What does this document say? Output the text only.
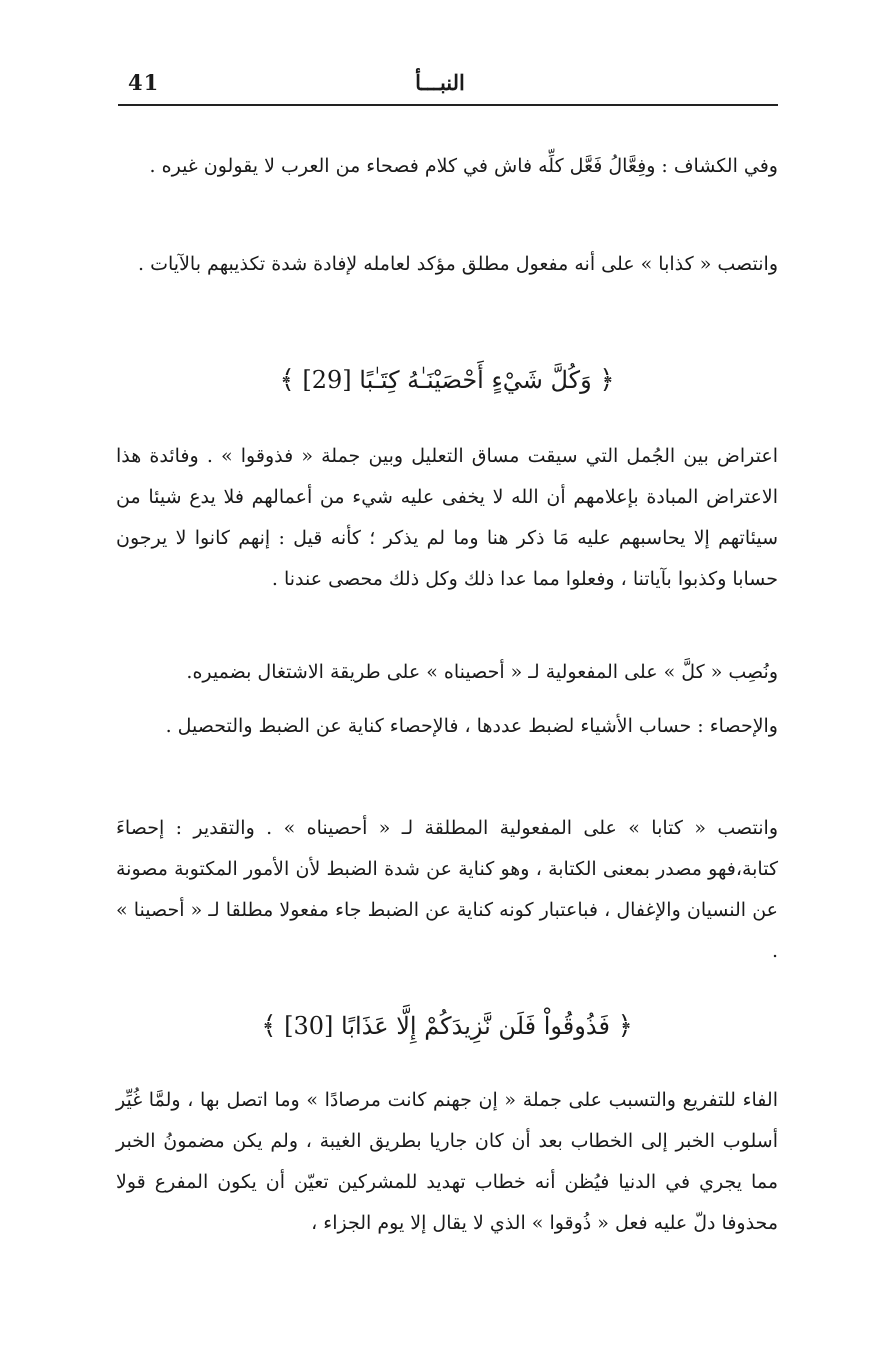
41	النبـــأ

وفي الكشاف : وفِعَّالُ فَعَّل كلِّه فاش في كلام فصحاء من العرب لا يقولون غيره .

وانتصب « كذابا » على أنه مفعول مطلق مؤكد لعامله لإفادة شدة تكذيبهم بالآيات .

﴿ وَكُلَّ شَيْءٍ أَحْصَيْنَـٰهُ كِتَـٰبًا [29] ﴾

اعتراض بين الجُمل التي سيقت مساق التعليل وبين جملة « فذوقوا » . وفائدة هذا الاعتراض المبادة بإعلامهم أن الله لا يخفى عليه شيء من أعمالهم فلا يدع شيئا من سيئاتهم إلا يحاسبهم عليه مَا ذكر هنا وما لم يذكر ؛ كأنه قيل : إنهم كانوا لا يرجون حسابا وكذبوا بآياتنا ، وفعلوا مما عدا ذلك وكل ذلك محصى عندنا .

ونُصِب « كلَّ » على المفعولية لـ « أحصيناه » على طريقة الاشتغال بضميره.

والإحصاء : حساب الأشياء لضبط عددها ، فالإحصاء كناية عن الضبط والتحصيل .

وانتصب « كتابا » على المفعولية المطلقة لـ « أحصيناه » . والتقدير : إحصاءَ كتابة،فهو مصدر بمعنى الكتابة ، وهو كناية عن شدة الضبط لأن الأمور المكتوبة مصونة عن النسيان والإغفال ، فباعتبار كونه كناية عن الضبط جاء مفعولا مطلقا لـ « أحصينا » .

﴿ فَذُوقُواْ فَلَن نَّزِيدَكُمْ إِلَّا عَذَابًا [30] ﴾

الفاء للتفريع والتسبب على جملة « إن جهنم كانت مرصادًا » وما اتصل بها ، ولمَّا غُيِّر أسلوب الخبر إلى الخطاب بعد أن كان جاريا بطريق الغيبة ، ولم يكن مضمونُ الخبر مما يجري في الدنيا فيُظن أنه خطاب تهديد للمشركين تعيّن أن يكون المفرع قولا محذوفا دلّ عليه فعل « ذُوقوا » الذي لا يقال إلا يوم الجزاء ،
